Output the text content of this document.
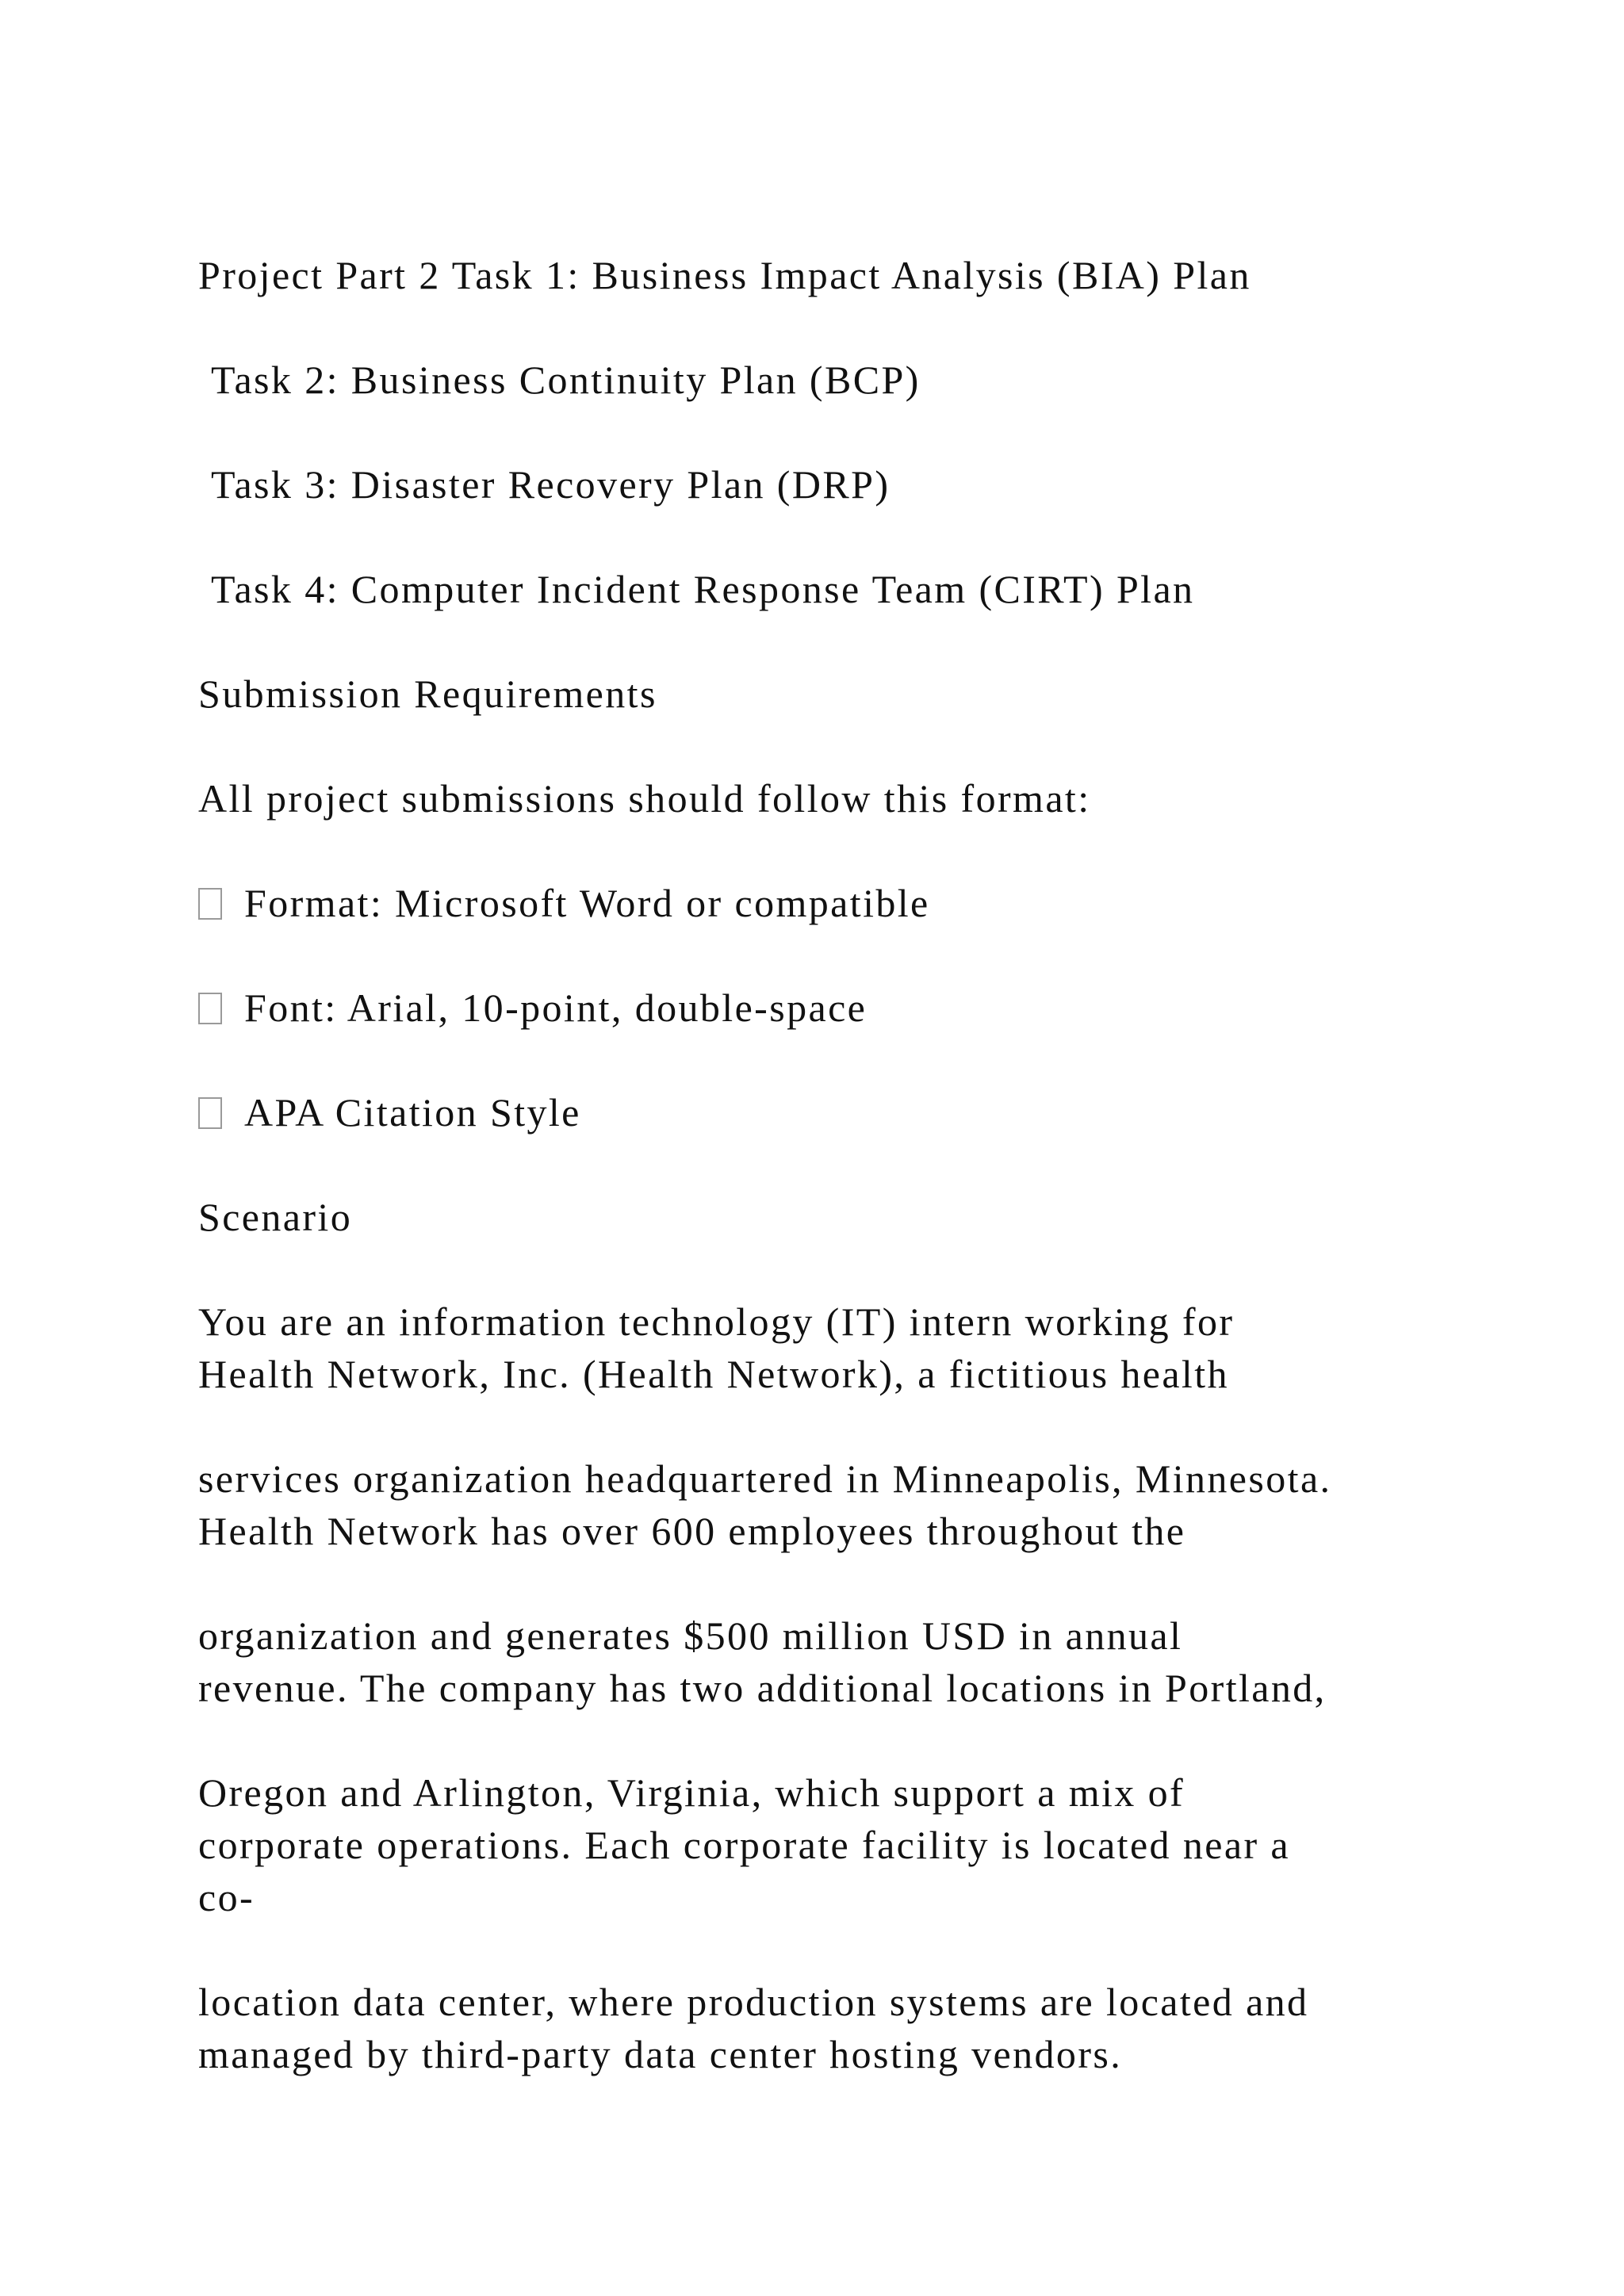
Project Part 2 Task 1: Business Impact Analysis (BIA) Plan

Task 2: Business Continuity Plan (BCP)

Task 3: Disaster Recovery Plan (DRP)

Task 4: Computer Incident Response Team (CIRT) Plan

Submission Requirements

All project submissions should follow this format:

Format: Microsoft Word or compatible

Font: Arial, 10-point, double-space

APA Citation Style

Scenario

You are an information technology (IT) intern working for

Health Network, Inc. (Health Network), a fictitious health

services organization headquartered in Minneapolis, Minnesota.

Health Network has over 600 employees throughout the

organization and generates $500 million USD in annual

revenue. The company has two additional locations in Portland,

Oregon and Arlington, Virginia, which support a mix of

corporate operations. Each corporate facility is located near a

co-

location data center, where production systems are located and

managed by third-party data center hosting vendors.
